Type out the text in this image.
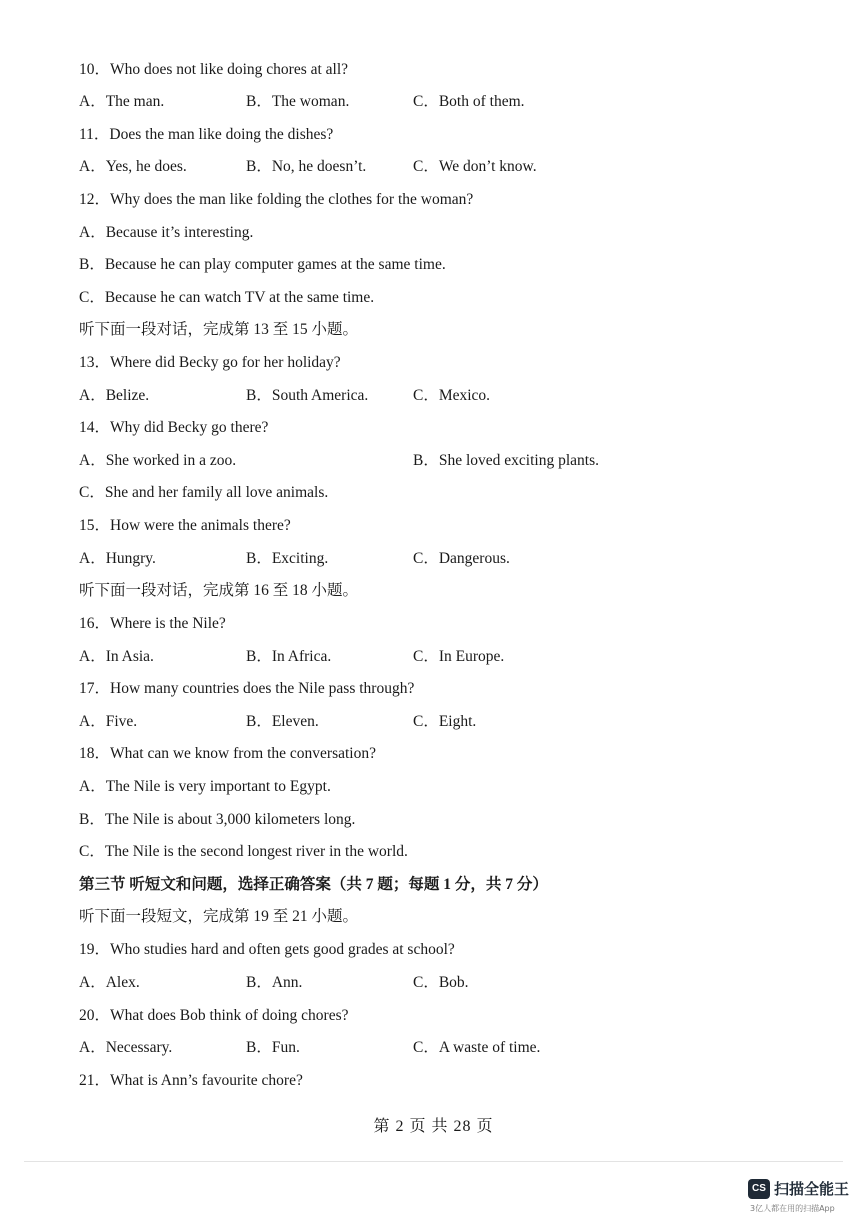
10．Who does not like doing chores at all?
A．The man.	B．The woman.	C．Both of them.
11．Does the man like doing the dishes?
A．Yes, he does.	B．No, he doesn’t.	C．We don’t know.
12．Why does the man like folding the clothes for the woman?
A．Because it’s interesting.
B．Because he can play computer games at the same time.
C．Because he can watch TV at the same time.
听下面一段对话，完成第 13 至 15 小题。
13．Where did Becky go for her holiday?
A．Belize.	B．South America.	C．Mexico.
14．Why did Becky go there?
A．She worked in a zoo.	B．She loved exciting plants.
C．She and her family all love animals.
15．How were the animals there?
A．Hungry.	B．Exciting.	C．Dangerous.
听下面一段对话，完成第 16 至 18 小题。
16．Where is the Nile?
A．In Asia.	B．In Africa.	C．In Europe.
17．How many countries does the Nile pass through?
A．Five.	B．Eleven.	C．Eight.
18．What can we know from the conversation?
A．The Nile is very important to Egypt.
B．The Nile is about 3,000 kilometers long.
C．The Nile is the second longest river in the world.
第三节 听短文和问题，选择正确答案（共 7 题；每题 1 分，共 7 分）
听下面一段短文，完成第 19 至 21 小题。
19．Who studies hard and often gets good grades at school?
A．Alex.	B．Ann.	C．Bob.
20．What does Bob think of doing chores?
A．Necessary.	B．Fun.	C．A waste of time.
21．What is Ann’s favourite chore?
第 2 页 共 28 页
CS 扫描全能王
3亿人都在用的扫描App
